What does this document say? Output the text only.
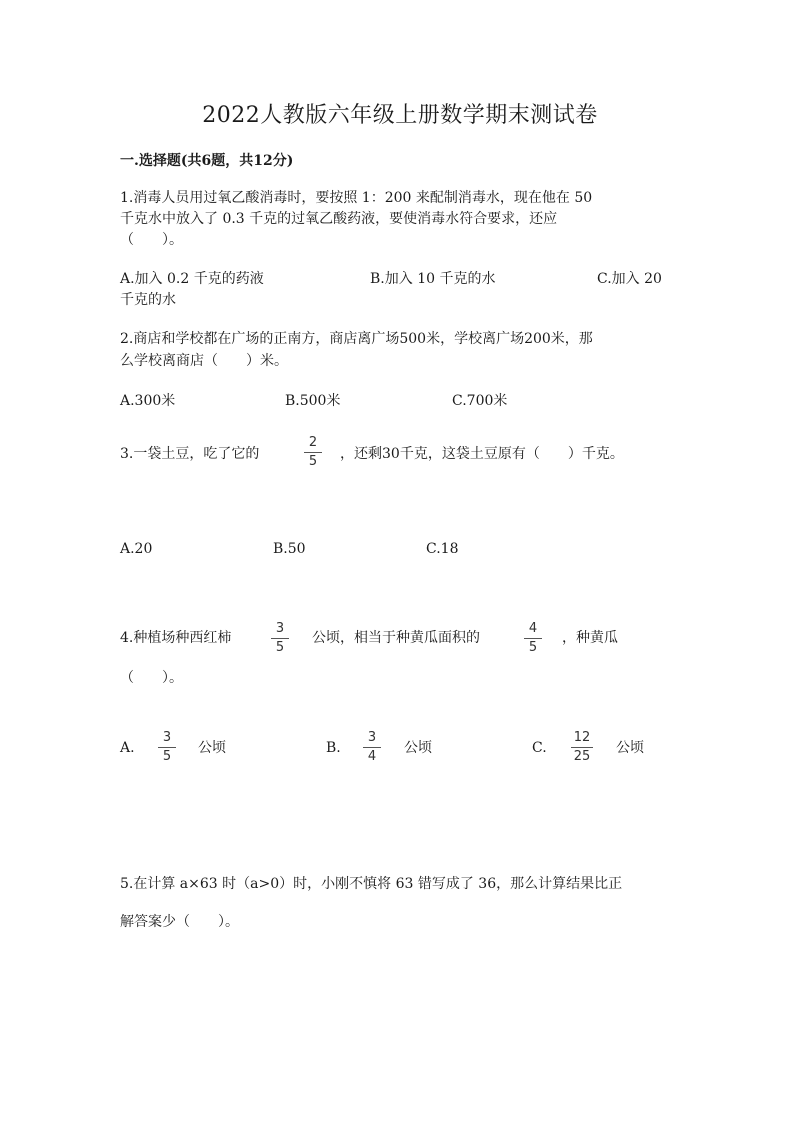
2022人教版六年级上册数学期末测试卷
一.选择题(共6题，共12分)
1.消毒人员用过氧乙酸消毒时，要按照 1：200 来配制消毒水，现在他在 50
千克水中放入了 0.3 千克的过氧乙酸药液，要使消毒水符合要求，还应
（　　）。
A.加入 0.2 千克的药液	B.加入 10 千克的水	C.加入 20
千克的水
2.商店和学校都在广场的正南方，商店离广场500米，学校离广场200米，那
么学校离商店（　　）米。
A.300米	B.500米	C.700米
3.一袋土豆，吃了它的
2
5	，还剩30千克，这袋土豆原有（　　）千克。
A.20	B.50	C.18
4.种植场种西红柿
3
5
公顷，相当于种黄瓜面积的
4
5
，种黄瓜
（　　）。
A.
3
5
公顷	B.
3
4
公顷	C.
12
25
公顷
5.在计算 a×63 时（a>0）时，小刚不慎将 63 错写成了 36，那么计算结果比正
解答案少（　　）。
